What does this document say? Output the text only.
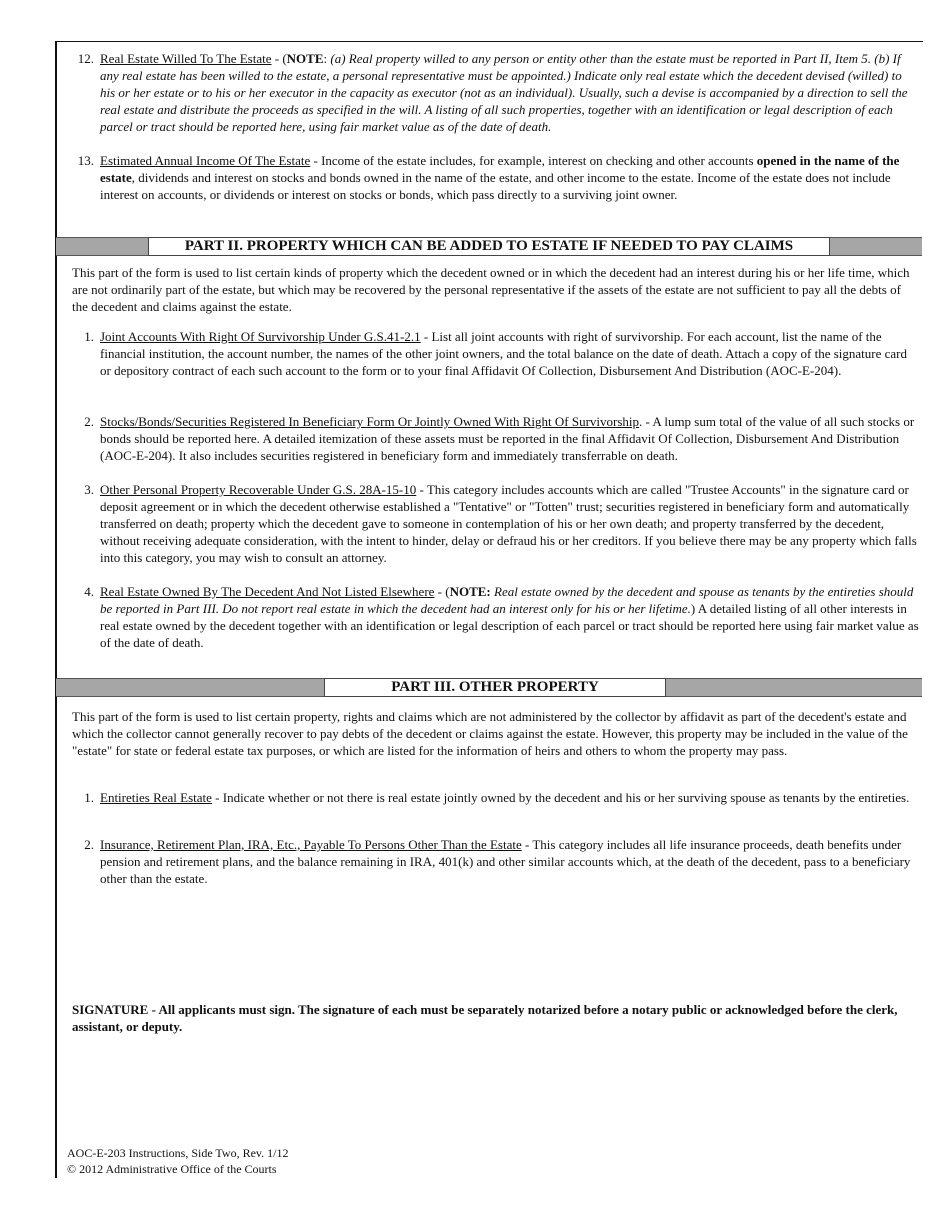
12. Real Estate Willed To The Estate - (NOTE: (a) Real property willed to any person or entity other than the estate must be reported in Part II, Item 5. (b) If any real estate has been willed to the estate, a personal representative must be appointed.) Indicate only real estate which the decedent devised (willed) to his or her estate or to his or her executor in the capacity as executor (not as an individual). Usually, such a devise is accompanied by a direction to sell the real estate and distribute the proceeds as specified in the will. A listing of all such properties, together with an identification or legal description of each parcel or tract should be reported here, using fair market value as of the date of death.
13. Estimated Annual Income Of The Estate - Income of the estate includes, for example, interest on checking and other accounts opened in the name of the estate, dividends and interest on stocks and bonds owned in the name of the estate, and other income to the estate. Income of the estate does not include interest on accounts, or dividends or interest on stocks or bonds, which pass directly to a surviving joint owner.
PART II. PROPERTY WHICH CAN BE ADDED TO ESTATE IF NEEDED TO PAY CLAIMS
This part of the form is used to list certain kinds of property which the decedent owned or in which the decedent had an interest during his or her life time, which are not ordinarily part of the estate, but which may be recovered by the personal representative if the assets of the estate are not sufficient to pay all the debts of the decedent and claims against the estate.
1. Joint Accounts With Right Of Survivorship Under G.S.41-2.1 - List all joint accounts with right of survivorship. For each account, list the name of the financial institution, the account number, the names of the other joint owners, and the total balance on the date of death. Attach a copy of the signature card or depository contract of each such account to the form or to your final Affidavit Of Collection, Disbursement And Distribution (AOC-E-204).
2. Stocks/Bonds/Securities Registered In Beneficiary Form Or Jointly Owned With Right Of Survivorship. - A lump sum total of the value of all such stocks or bonds should be reported here. A detailed itemization of these assets must be reported in the final Affidavit Of Collection, Disbursement And Distribution (AOC-E-204). It also includes securities registered in beneficiary form and immediately transferrable on death.
3. Other Personal Property Recoverable Under G.S. 28A-15-10 - This category includes accounts which are called "Trustee Accounts" in the signature card or deposit agreement or in which the decedent otherwise established a "Tentative" or "Totten" trust; securities registered in beneficiary form and automatically transferred on death; property which the decedent gave to someone in contemplation of his or her own death; and property transferred by the decedent, without receiving adequate consideration, with the intent to hinder, delay or defraud his or her creditors. If you believe there may be any property which falls into this category, you may wish to consult an attorney.
4. Real Estate Owned By The Decedent And Not Listed Elsewhere - (NOTE: Real estate owned by the decedent and spouse as tenants by the entireties should be reported in Part III. Do not report real estate in which the decedent had an interest only for his or her lifetime.) A detailed listing of all other interests in real estate owned by the decedent together with an identification or legal description of each parcel or tract should be reported here using fair market value as of the date of death.
PART III. OTHER PROPERTY
This part of the form is used to list certain property, rights and claims which are not administered by the collector by affidavit as part of the decedent's estate and which the collector cannot generally recover to pay debts of the decedent or claims against the estate. However, this property may be included in the value of the "estate" for state or federal estate tax purposes, or which are listed for the information of heirs and others to whom the property may pass.
1. Entireties Real Estate - Indicate whether or not there is real estate jointly owned by the decedent and his or her surviving spouse as tenants by the entireties.
2. Insurance, Retirement Plan, IRA, Etc., Payable To Persons Other Than the Estate - This category includes all life insurance proceeds, death benefits under pension and retirement plans, and the balance remaining in IRA, 401(k) and other similar accounts which, at the death of the decedent, pass to a beneficiary other than the estate.
SIGNATURE - All applicants must sign. The signature of each must be separately notarized before a notary public or acknowledged before the clerk, assistant, or deputy.
AOC-E-203 Instructions, Side Two, Rev. 1/12
© 2012 Administrative Office of the Courts
